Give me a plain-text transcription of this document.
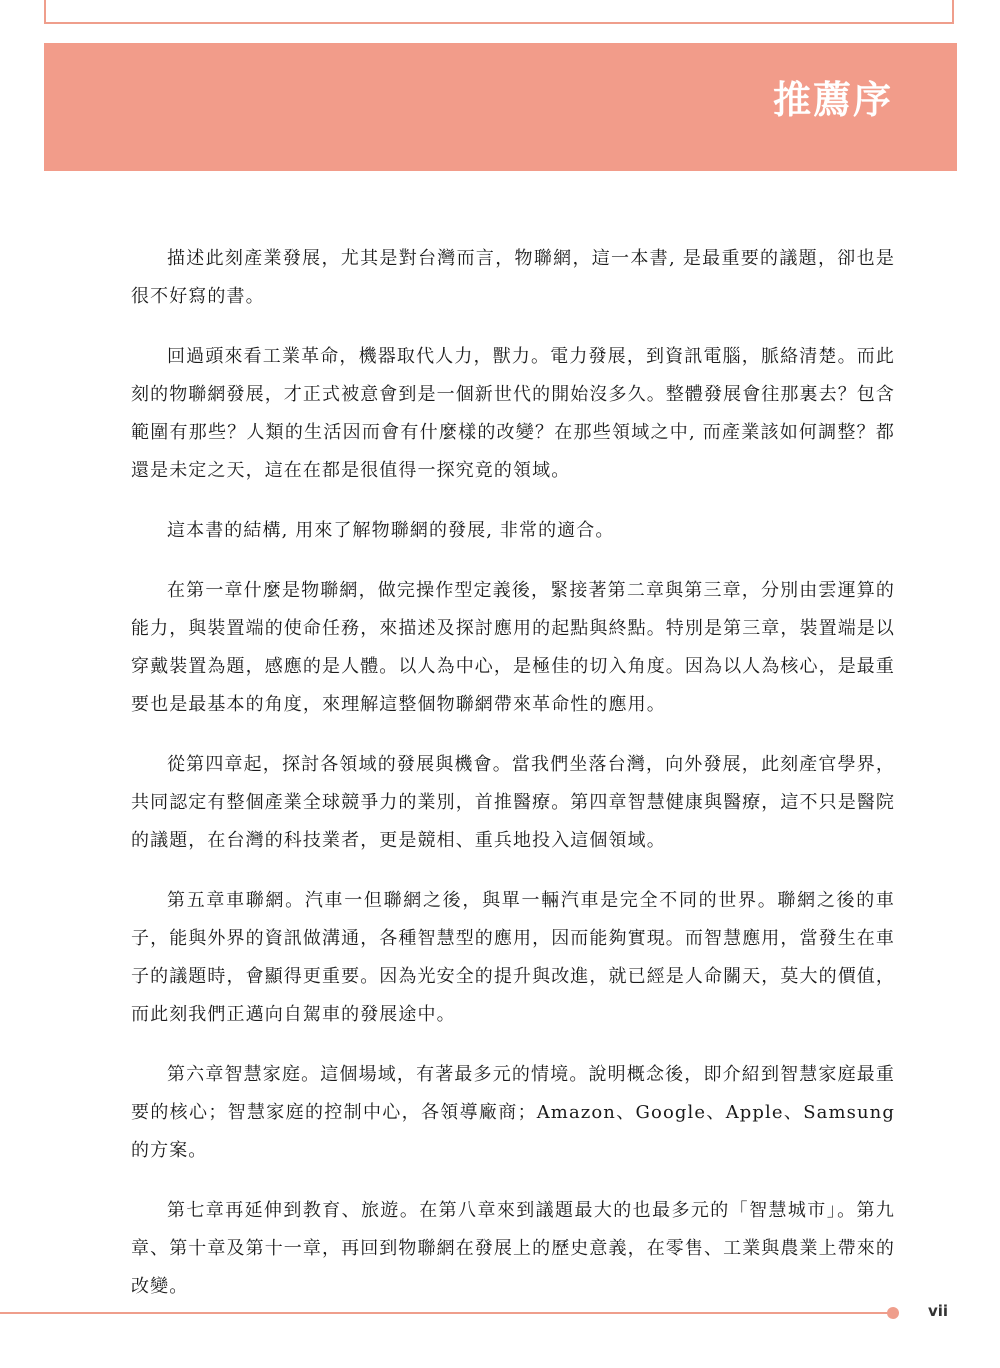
推薦序

描述此刻產業發展，尤其是對台灣而言，物聯網，這一本書, 是最重要的議題，卻也是很不好寫的書。

回過頭來看工業革命，機器取代人力，獸力。電力發展，到資訊電腦，脈絡清楚。而此刻的物聯網發展，才正式被意會到是一個新世代的開始沒多久。整體發展會往那裏去？包含範圍有那些？人類的生活因而會有什麼樣的改變？在那些領域之中, 而產業該如何調整？都還是未定之天，這在在都是很值得一探究竟的領域。

這本書的結構, 用來了解物聯網的發展, 非常的適合。

在第一章什麼是物聯網，做完操作型定義後，緊接著第二章與第三章，分別由雲運算的能力，與裝置端的使命任務，來描述及探討應用的起點與終點。特別是第三章，裝置端是以穿戴裝置為題，感應的是人體。以人為中心，是極佳的切入角度。因為以人為核心，是最重要也是最基本的角度，來理解這整個物聯網帶來革命性的應用。

從第四章起，探討各領域的發展與機會。當我們坐落台灣，向外發展，此刻產官學界，共同認定有整個產業全球競爭力的業別，首推醫療。第四章智慧健康與醫療，這不只是醫院的議題，在台灣的科技業者，更是競相、重兵地投入這個領域。

第五章車聯網。汽車一但聯網之後，與單一輛汽車是完全不同的世界。聯網之後的車子，能與外界的資訊做溝通，各種智慧型的應用，因而能夠實現。而智慧應用，當發生在車子的議題時，會顯得更重要。因為光安全的提升與改進，就已經是人命關天，莫大的價值，而此刻我們正邁向自駕車的發展途中。

第六章智慧家庭。這個場域，有著最多元的情境。說明概念後，即介紹到智慧家庭最重要的核心；智慧家庭的控制中心，各領導廠商；Amazon、Google、Apple、Samsung的方案。

第七章再延伸到教育、旅遊。在第八章來到議題最大的也最多元的「智慧城市」。第九章、第十章及第十一章，再回到物聯網在發展上的歷史意義，在零售、工業與農業上帶來的改變。

vii
